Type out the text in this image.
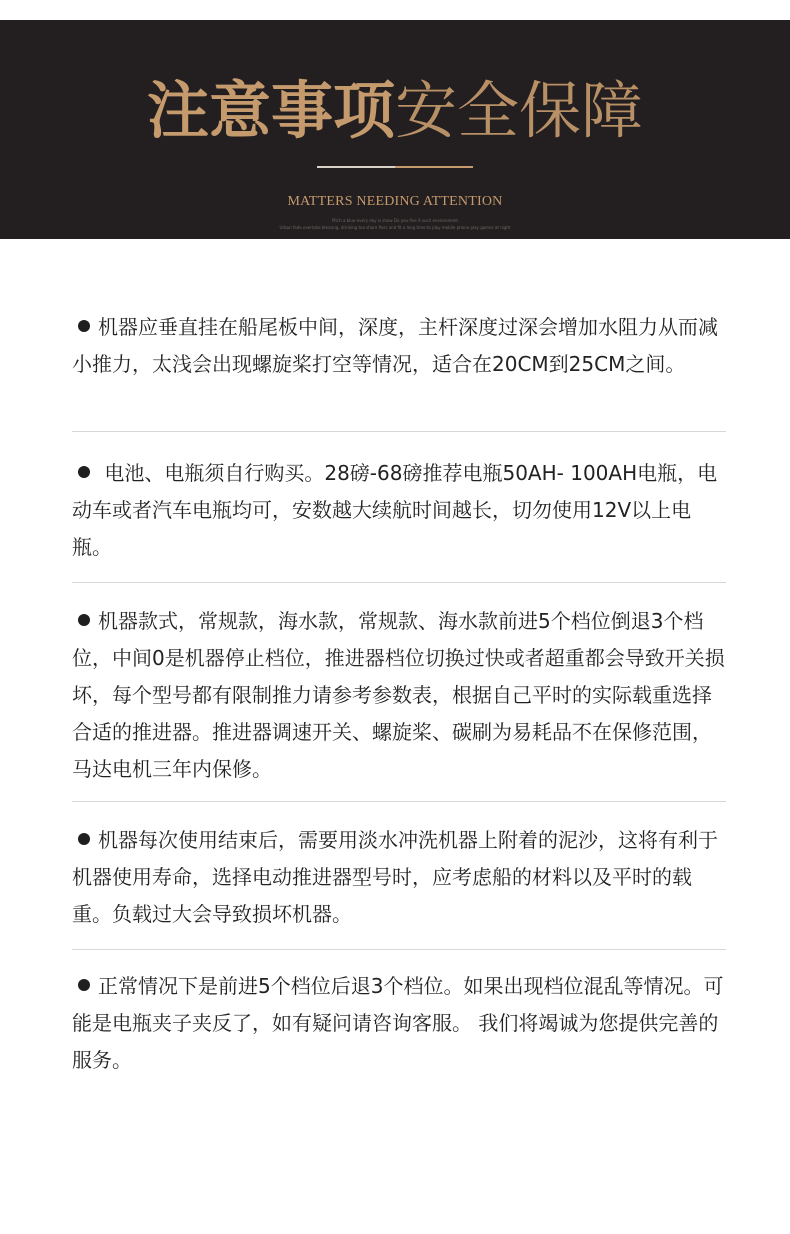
注意事项安全保障
MATTERS NEEDING ATTENTION
Pitch a blue every day is show Do you five it such environment
Urban fade overtake blessing, drinking tea share Pass and fit a long time to play mobile phone play games at night

机器应垂直挂在船尾板中间，深度，主杆深度过深会增加水阻力从而减小推力，太浅会出现螺旋桨打空等情况，适合在20CM到25CM之间。

电池、电瓶须自行购买。28磅-68磅推荐电瓶50AH- 100AH电瓶，电动车或者汽车电瓶均可，安数越大续航时间越长，切勿使用12V以上电瓶。

机器款式，常规款，海水款，常规款、海水款前进5个档位倒退3个档位，中间0是机器停止档位，推进器档位切换过快或者超重都会导致开关损坏，每个型号都有限制推力请参考参数表，根据自己平时的实际载重选择合适的推进器。推进器调速开关、螺旋桨、碳刷为易耗品不在保修范围，马达电机三年内保修。

机器每次使用结束后，需要用淡水冲洗机器上附着的泥沙，这将有利于机器使用寿命，选择电动推进器型号时，应考虑船的材料以及平时的载重。负载过大会导致损坏机器。

正常情况下是前进5个档位后退3个档位。如果出现档位混乱等情况。可能是电瓶夹子夹反了，如有疑问请咨询客服。 我们将竭诚为您提供完善的服务。
